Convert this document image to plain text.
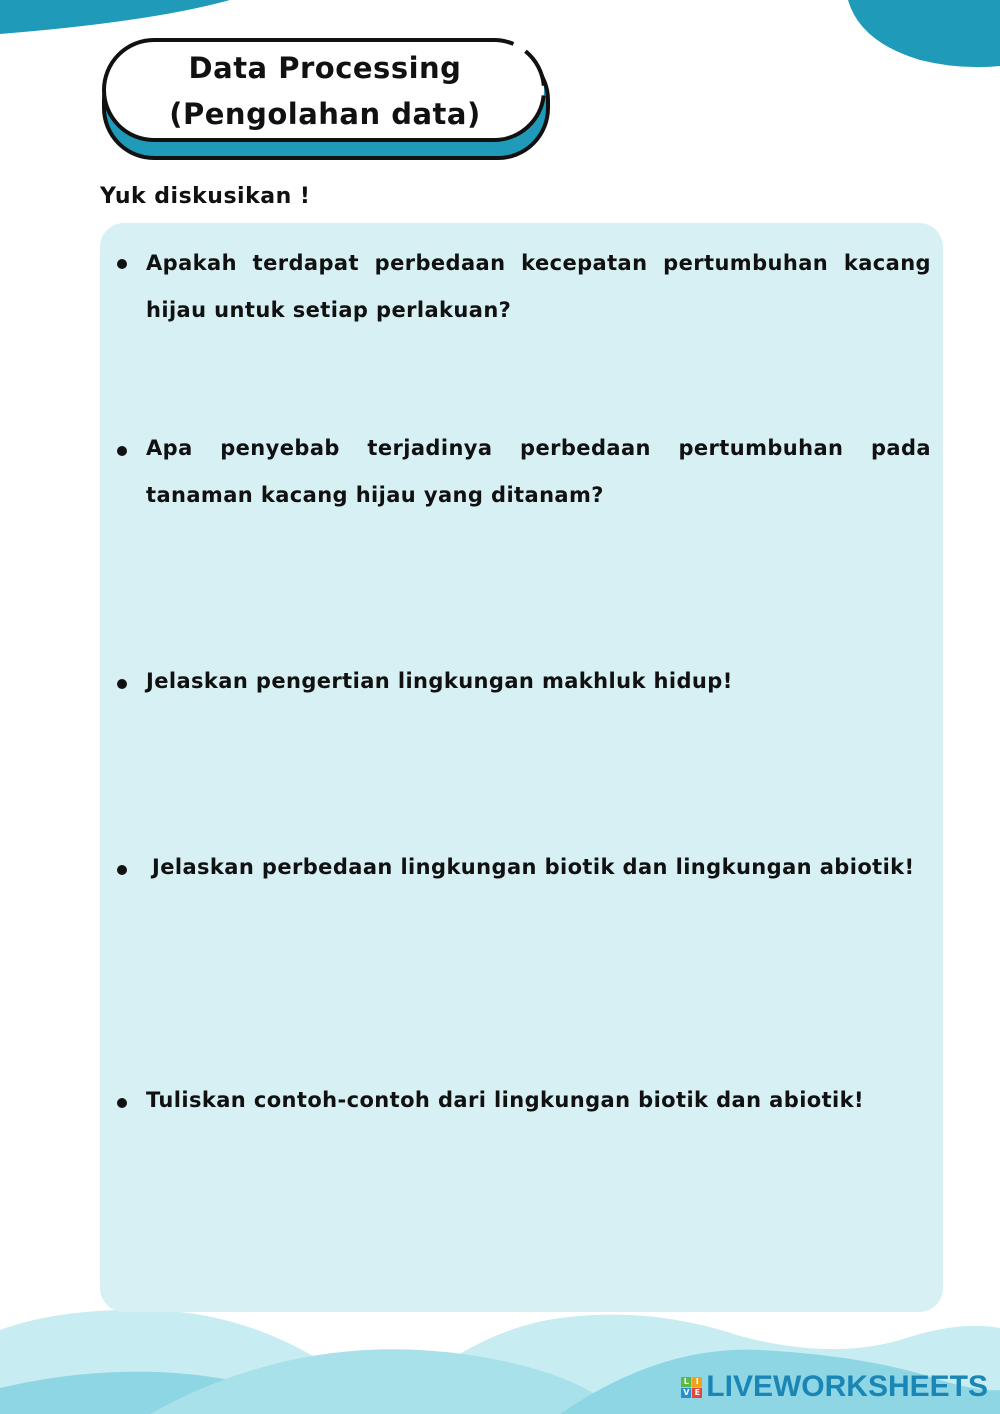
Data Processing
(Pengolahan data)
Yuk diskusikan !
Apakah terdapat perbedaan kecepatan pertumbuhan kacang hijau untuk setiap perlakuan?
Apa penyebab terjadinya perbedaan pertumbuhan pada tanaman kacang hijau yang ditanam?
Jelaskan pengertian lingkungan makhluk hidup!
Jelaskan perbedaan lingkungan biotik dan lingkungan abiotik!
Tuliskan contoh-contoh dari lingkungan biotik dan abiotik!
L I
V E LIVEWORKSHEETS
